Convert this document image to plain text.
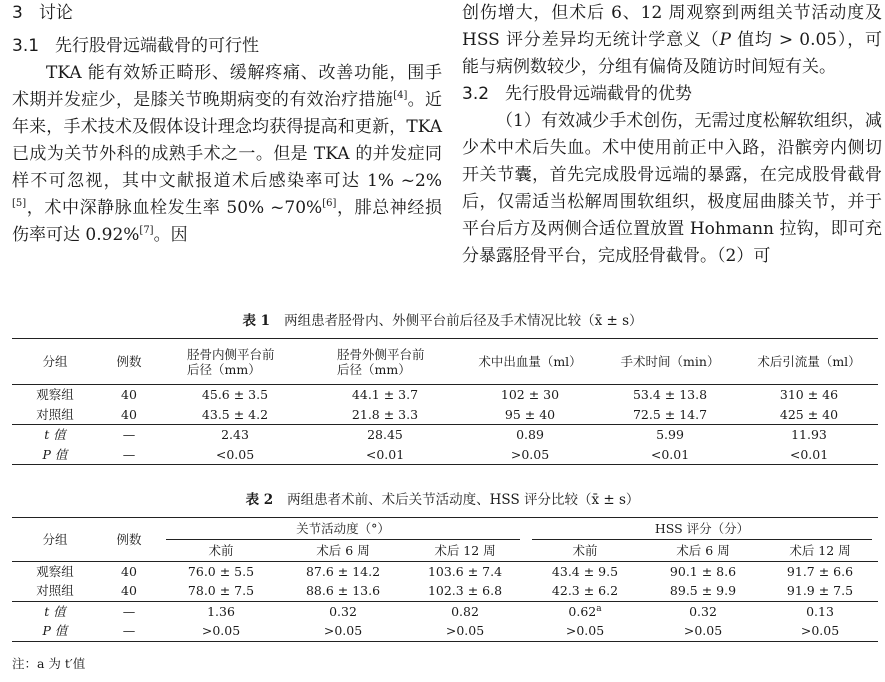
3 讨论
3.1 先行股骨远端截骨的可行性

TKA 能有效矫正畸形、缓解疼痛、改善功能，围手术期并发症少，是膝关节晚期病变的有效治疗措施[4]。近年来，手术技术及假体设计理念均获得提高和更新，TKA 已成为关节外科的成熟手术之一。但是 TKA 的并发症同样不可忽视，其中文献报道术后感染率可达 1% ~2%[5]，术中深静脉血栓发生率 50% ~70%[6]，腓总神经损伤率可达 0.92%[7]。因

创伤增大，但术后 6、12 周观察到两组关节活动度及 HSS 评分差异均无统计学意义（P 值均 > 0.05），可能与病例数较少，分组有偏倚及随访时间短有关。

3.2 先行股骨远端截骨的优势

（1）有效减少手术创伤，无需过度松解软组织，减少术中术后失血。术中使用前正中入路，沿髌旁内侧切开关节囊，首先完成股骨远端的暴露，在完成股骨截骨后，仅需适当松解周围软组织，极度屈曲膝关节，并于平台后方及两侧合适位置放置 Hohmann 拉钩，即可充分暴露胫骨平台，完成胫骨截骨。（2）可

表 1 两组患者胫骨内、外侧平台前后径及手术情况比较（x̄ ± s）
分组	例数	胫骨内侧平台前后径（mm）	胫骨外侧平台前后径（mm）	术中出血量（ml）	手术时间（min）	术后引流量（ml）
观察组	40	45.6 ± 3.5	44.1 ± 3.7	102 ± 30	53.4 ± 13.8	310 ± 46
对照组	40	43.5 ± 4.2	21.8 ± 3.3	95 ± 40	72.5 ± 14.7	425 ± 40
t 值	—	2.43	28.45	0.89	5.99	11.93
P 值	—	<0.05	<0.01	>0.05	<0.01	<0.01
表 2 两组患者术前、术后关节活动度、HSS 评分比较（x̄ ± s）
分组	例数	关节活动度（°）			HSS 评分（分）		

		术前	术后 6 周	术后 12 周	术前	术后 6 周	术后 12 周
观察组	40	76.0 ± 5.5	87.6 ± 14.2	103.6 ± 7.4	43.4 ± 9.5	90.1 ± 8.6	91.7 ± 6.6
对照组	40	78.0 ± 7.5	88.6 ± 13.6	102.3 ± 6.8	42.3 ± 6.2	89.5 ± 9.9	91.9 ± 7.5
t 值	—	1.36	0.32	0.82	0.62$^a$	0.32	0.13
P 值	—	>0.05	>0.05	>0.05	>0.05	>0.05	>0.05
注：a 为 t′值
